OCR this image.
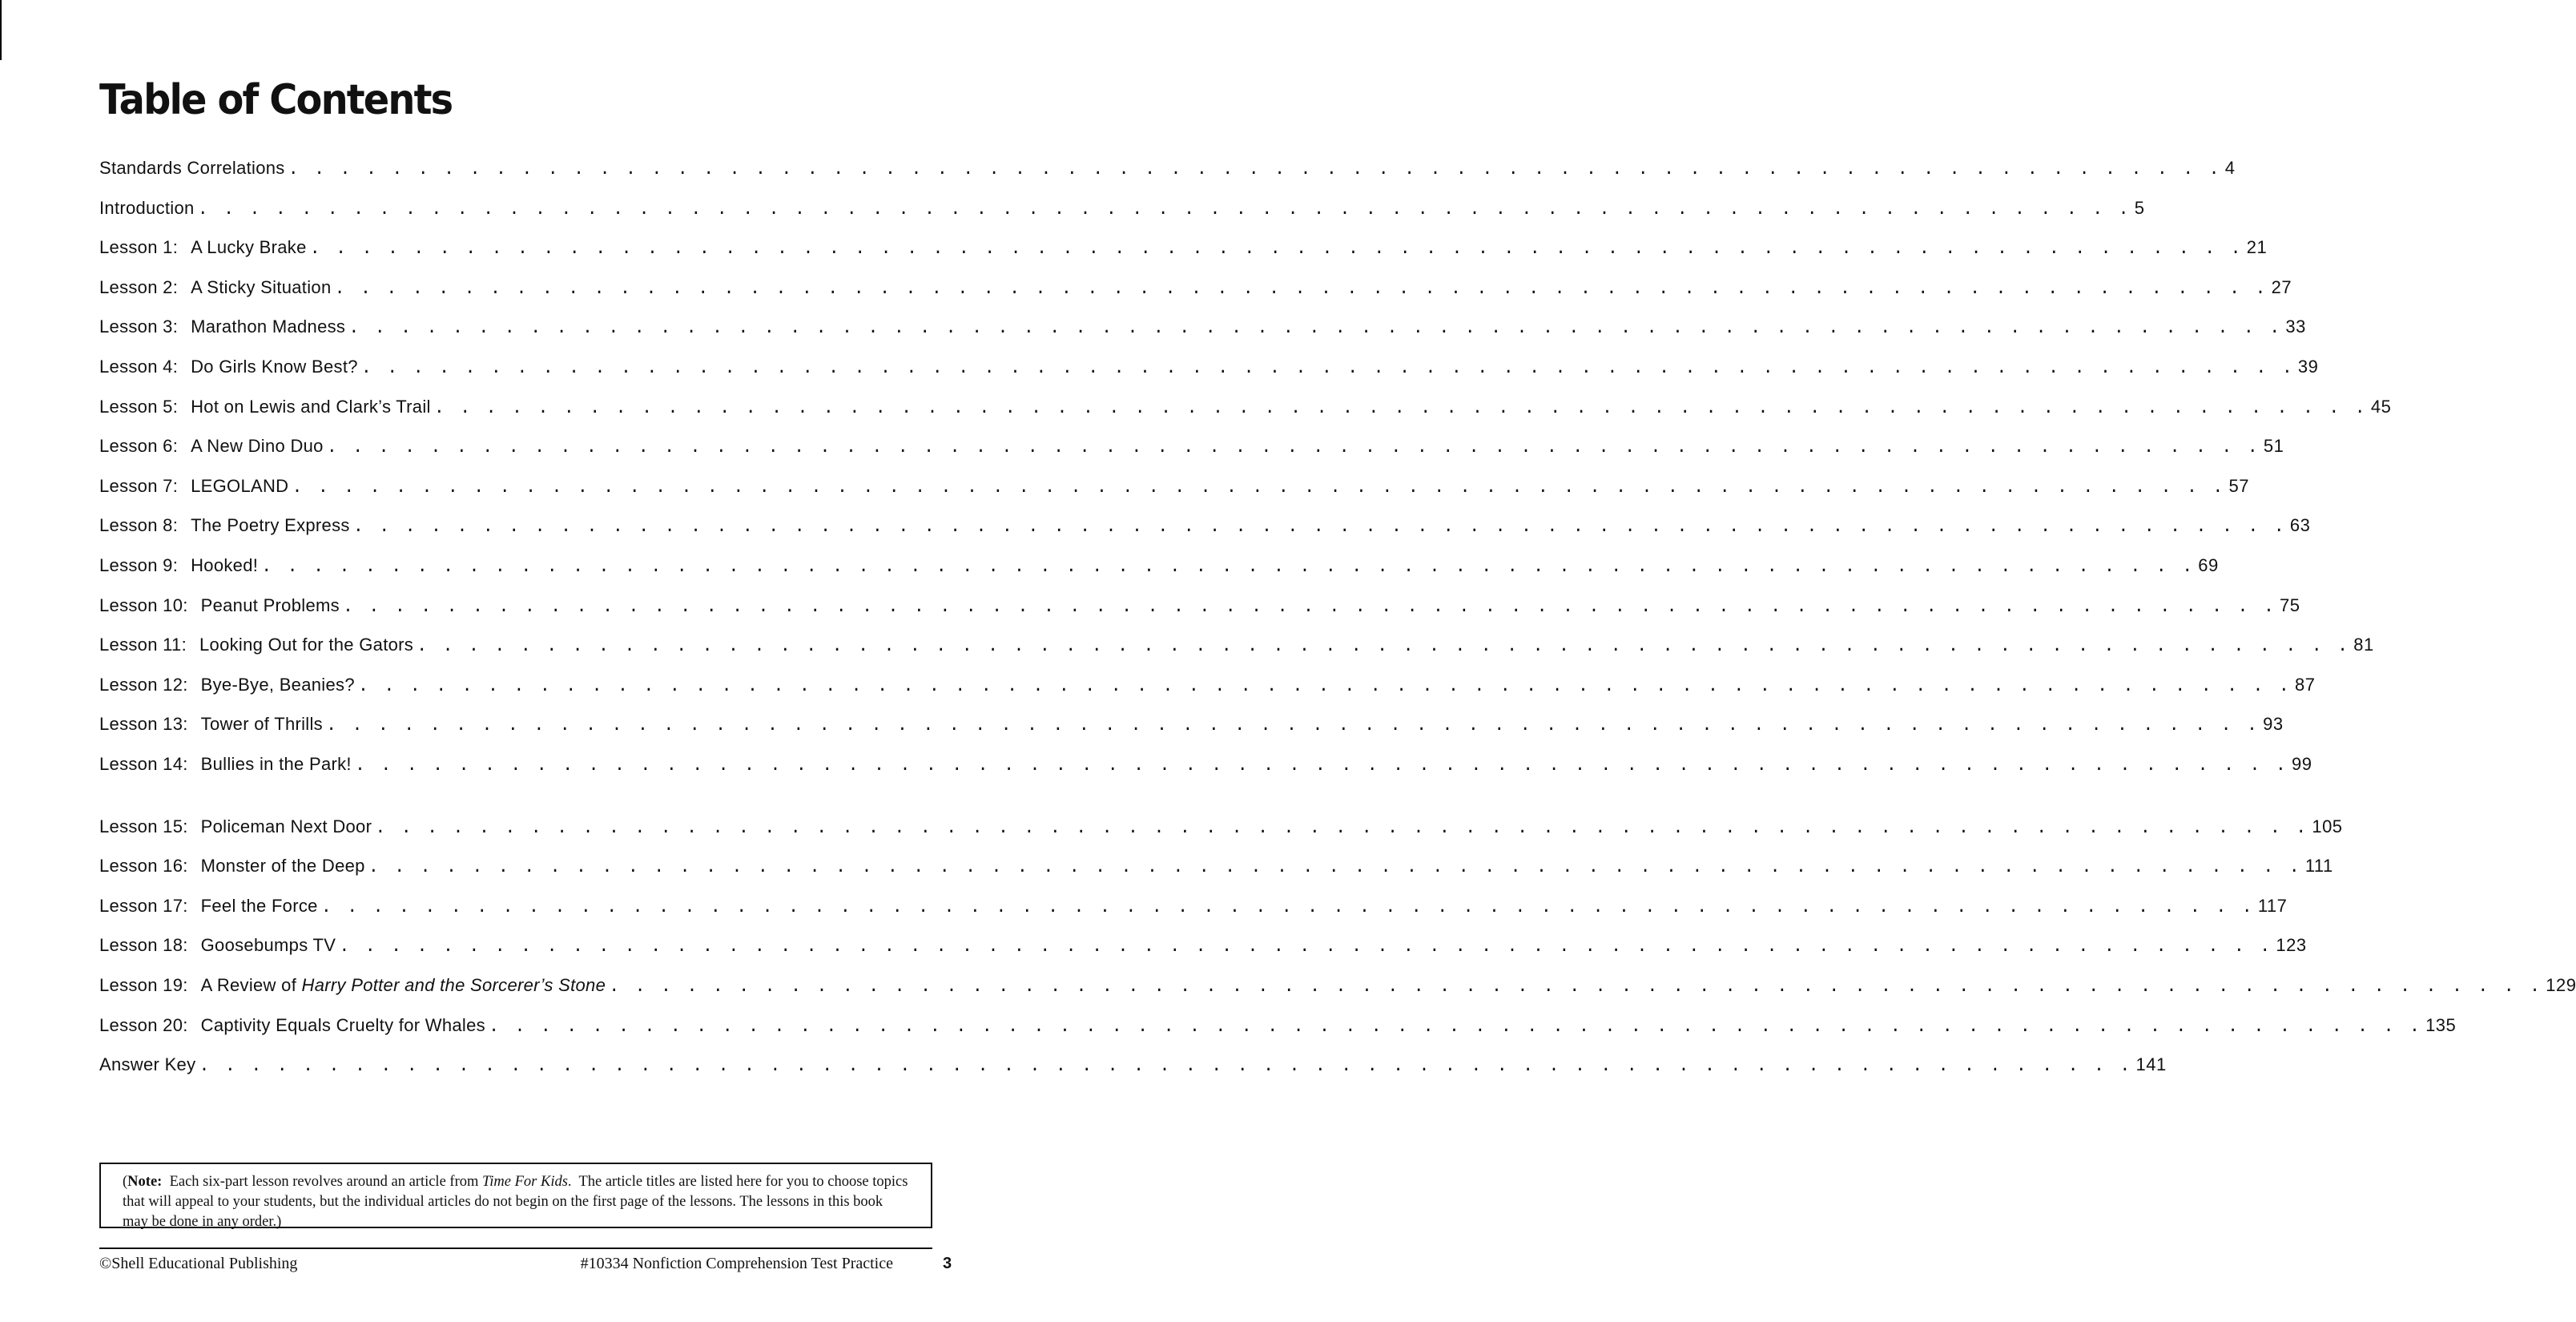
Table of Contents
Standards Correlations . . . . . . . . . . . . . . . . . . . . . . . . . . . . . . . . . . . . . . . . . . . . . . . . . . . . . . . . . . . . . . . . . . . . . . . . . . . 4
Introduction . . . . . . . . . . . . . . . . . . . . . . . . . . . . . . . . . . . . . . . . . . . . . . . . . . . . . . . . . . . . . . . . . . . . . . . . . . . 5
Lesson 1: A Lucky Brake . . . . . . . . . . . . . . . . . . . . . . . . . . . . . . . . . . . . . . . . . . . . . . . . . . . . . . . . . . . . . . . . . . . . . . . . . . . 21
Lesson 2: A Sticky Situation . . . . . . . . . . . . . . . . . . . . . . . . . . . . . . . . . . . . . . . . . . . . . . . . . . . . . . . . . . . . . . . . . . . . . . . . . . . 27
Lesson 3: Marathon Madness . . . . . . . . . . . . . . . . . . . . . . . . . . . . . . . . . . . . . . . . . . . . . . . . . . . . . . . . . . . . . . . . . . . . . . . . . . . 33
Lesson 4: Do Girls Know Best? . . . . . . . . . . . . . . . . . . . . . . . . . . . . . . . . . . . . . . . . . . . . . . . . . . . . . . . . . . . . . . . . . . . . . . . . . . . 39
Lesson 5: Hot on Lewis and Clark’s Trail . . . . . . . . . . . . . . . . . . . . . . . . . . . . . . . . . . . . . . . . . . . . . . . . . . . . . . . . . . . . . . . . . . . . . . . . . . . 45
Lesson 6: A New Dino Duo . . . . . . . . . . . . . . . . . . . . . . . . . . . . . . . . . . . . . . . . . . . . . . . . . . . . . . . . . . . . . . . . . . . . . . . . . . . 51
Lesson 7: LEGOLAND . . . . . . . . . . . . . . . . . . . . . . . . . . . . . . . . . . . . . . . . . . . . . . . . . . . . . . . . . . . . . . . . . . . . . . . . . . . 57
Lesson 8: The Poetry Express . . . . . . . . . . . . . . . . . . . . . . . . . . . . . . . . . . . . . . . . . . . . . . . . . . . . . . . . . . . . . . . . . . . . . . . . . . . 63
Lesson 9: Hooked! . . . . . . . . . . . . . . . . . . . . . . . . . . . . . . . . . . . . . . . . . . . . . . . . . . . . . . . . . . . . . . . . . . . . . . . . . . . 69
Lesson 10: Peanut Problems . . . . . . . . . . . . . . . . . . . . . . . . . . . . . . . . . . . . . . . . . . . . . . . . . . . . . . . . . . . . . . . . . . . . . . . . . . . 75
Lesson 11: Looking Out for the Gators . . . . . . . . . . . . . . . . . . . . . . . . . . . . . . . . . . . . . . . . . . . . . . . . . . . . . . . . . . . . . . . . . . . . . . . . . . . 81
Lesson 12: Bye-Bye, Beanies? . . . . . . . . . . . . . . . . . . . . . . . . . . . . . . . . . . . . . . . . . . . . . . . . . . . . . . . . . . . . . . . . . . . . . . . . . . . 87
Lesson 13: Tower of Thrills . . . . . . . . . . . . . . . . . . . . . . . . . . . . . . . . . . . . . . . . . . . . . . . . . . . . . . . . . . . . . . . . . . . . . . . . . . . 93
Lesson 14: Bullies in the Park! . . . . . . . . . . . . . . . . . . . . . . . . . . . . . . . . . . . . . . . . . . . . . . . . . . . . . . . . . . . . . . . . . . . . . . . . . . . 99
Lesson 15: Policeman Next Door . . . . . . . . . . . . . . . . . . . . . . . . . . . . . . . . . . . . . . . . . . . . . . . . . . . . . . . . . . . . . . . . . . . . . . . . . . . 105
Lesson 16: Monster of the Deep . . . . . . . . . . . . . . . . . . . . . . . . . . . . . . . . . . . . . . . . . . . . . . . . . . . . . . . . . . . . . . . . . . . . . . . . . . . 111
Lesson 17: Feel the Force . . . . . . . . . . . . . . . . . . . . . . . . . . . . . . . . . . . . . . . . . . . . . . . . . . . . . . . . . . . . . . . . . . . . . . . . . . . 117
Lesson 18: Goosebumps TV . . . . . . . . . . . . . . . . . . . . . . . . . . . . . . . . . . . . . . . . . . . . . . . . . . . . . . . . . . . . . . . . . . . . . . . . . . . 123
Lesson 19: A Review of Harry Potter and the Sorcerer’s Stone . . . . . . . . . . . . . . . . . . . . . . . . . . . . . . . . . . . . . . . . . . . . . . . . . . . . . . . . . . . . . . . . . . . . . . . . . . . 129
Lesson 20: Captivity Equals Cruelty for Whales . . . . . . . . . . . . . . . . . . . . . . . . . . . . . . . . . . . . . . . . . . . . . . . . . . . . . . . . . . . . . . . . . . . . . . . . . . . 135
Answer Key . . . . . . . . . . . . . . . . . . . . . . . . . . . . . . . . . . . . . . . . . . . . . . . . . . . . . . . . . . . . . . . . . . . . . . . . . . . 141
(Note:  Each six-part lesson revolves around an article from Time For Kids.  The article titles are listed here for you to choose topics that will appeal to your students, but the individual articles do not begin on the first page of the lessons. The lessons in this book may be done in any order.)
©Shell Educational Publishing	#10334 Nonfiction Comprehension Test Practice	3
